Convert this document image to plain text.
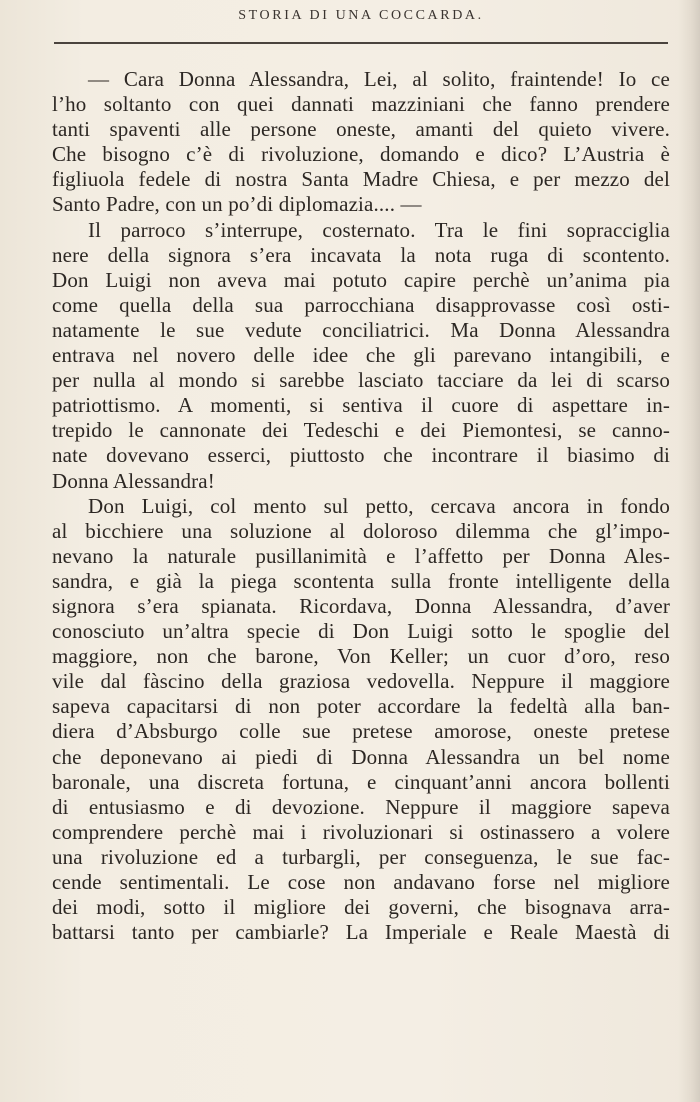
STORIA DI UNA COCCARDA.
— Cara Donna Alessandra, Lei, al solito, fraintende! Io ce
l’ho soltanto con quei dannati mazziniani che fanno prendere
tanti spaventi alle persone oneste, amanti del quieto vivere.
Che bisogno c’è di rivoluzione, domando e dico? L’Austria è
figliuola fedele di nostra Santa Madre Chiesa, e per mezzo del
Santo Padre, con un po’di diplomazia.... —
Il parroco s’interrupe, costernato. Tra le fini sopracciglia
nere della signora s’era incavata la nota ruga di scontento.
Don Luigi non aveva mai potuto capire perchè un’anima pia
come quella della sua parrocchiana disapprovasse così osti-
natamente le sue vedute conciliatrici. Ma Donna Alessandra
entrava nel novero delle idee che gli parevano intangibili, e
per nulla al mondo si sarebbe lasciato tacciare da lei di scarso
patriottismo. A momenti, si sentiva il cuore di aspettare in-
trepido le cannonate dei Tedeschi e dei Piemontesi, se canno-
nate dovevano esserci, piuttosto che incontrare il biasimo di
Donna Alessandra!
Don Luigi, col mento sul petto, cercava ancora in fondo
al bicchiere una soluzione al doloroso dilemma che gl’impo-
nevano la naturale pusillanimità e l’affetto per Donna Ales-
sandra, e già la piega scontenta sulla fronte intelligente della
signora s’era spianata. Ricordava, Donna Alessandra, d’aver
conosciuto un’altra specie di Don Luigi sotto le spoglie del
maggiore, non che barone, Von Keller; un cuor d’oro, reso
vile dal fàscino della graziosa vedovella. Neppure il maggiore
sapeva capacitarsi di non poter accordare la fedeltà alla ban-
diera d’Absburgo colle sue pretese amorose, oneste pretese
che deponevano ai piedi di Donna Alessandra un bel nome
baronale, una discreta fortuna, e cinquant’anni ancora bollenti
di entusiasmo e di devozione. Neppure il maggiore sapeva
comprendere perchè mai i rivoluzionari si ostinassero a volere
una rivoluzione ed a turbargli, per conseguenza, le sue fac-
cende sentimentali. Le cose non andavano forse nel migliore
dei modi, sotto il migliore dei governi, che bisognava arra-
battarsi tanto per cambiarle? La Imperiale e Reale Maestà di
